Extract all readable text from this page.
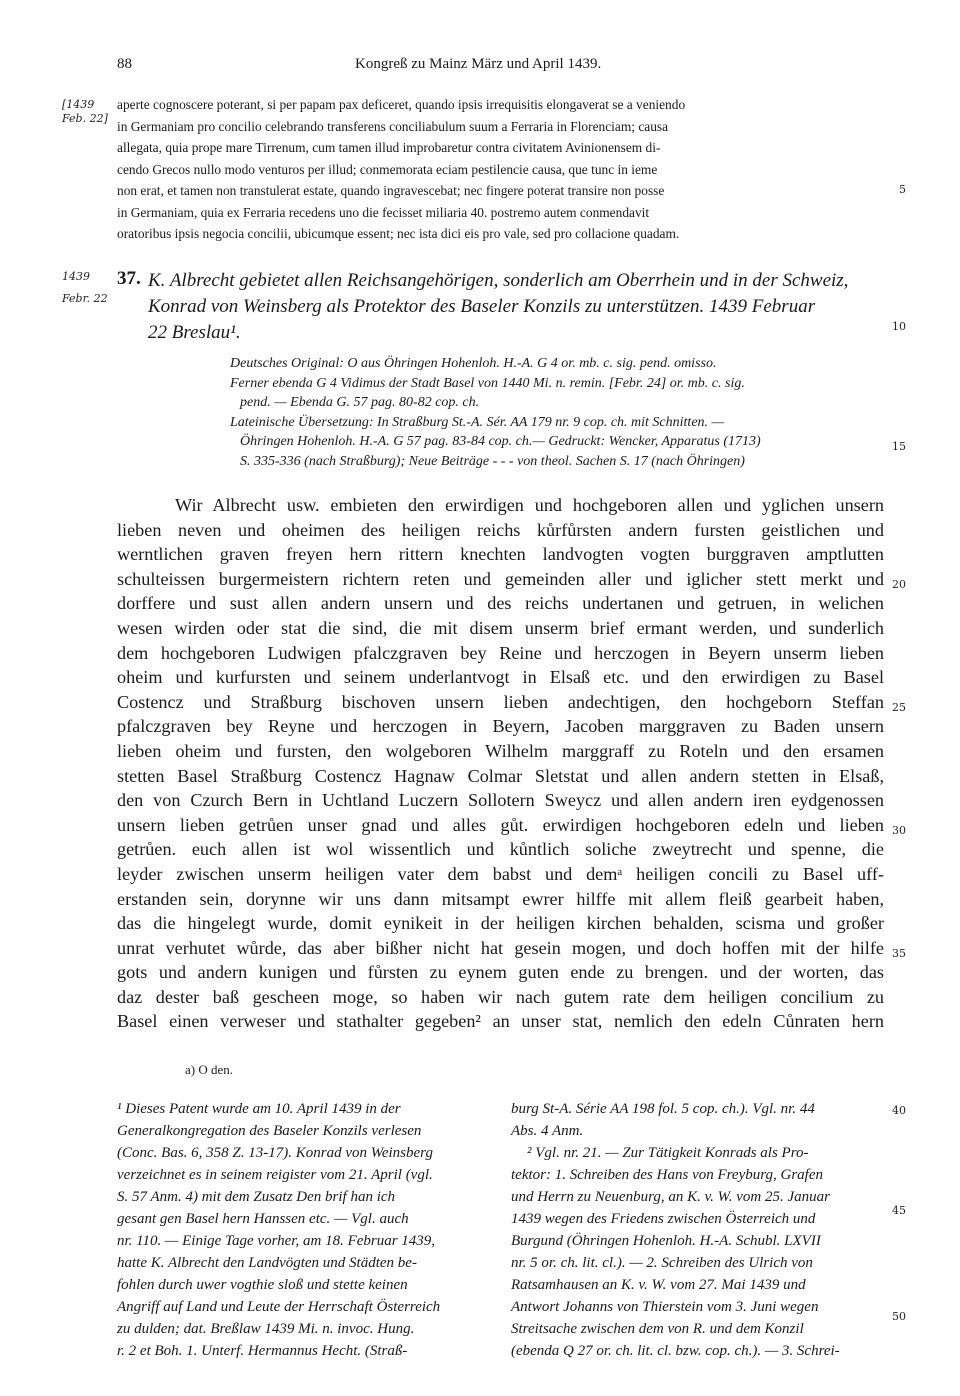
88	Kongreß zu Mainz März und April 1439.
[1439
Feb. 22]
1439
Febr. 22
5
10
15
20
25
30
35
40
45
50
aperte cognoscere poterant, si per papam pax deficeret, quando ipsis irrequisitis elongaverat se a veniendo
in Germaniam pro concilio celebrando transferens conciliabulum suum a Ferraria in Florenciam; causa
allegata, quia prope mare Tirrenum, cum tamen illud improbaretur contra civitatem Avinionensem di-
cendo Grecos nullo modo venturos per illud; conmemorata eciam pestilencie causa, que tunc in ieme
non erat, et tamen non transtulerat estate, quando ingravescebat; nec fingere poterat transire non posse
in Germaniam, quia ex Ferraria recedens uno die fecisset miliaria 40. postremo autem conmendavit
oratoribus ipsis negocia concilii, ubicumque essent; nec ista dici eis pro vale, sed pro collacione quadam.
37. K. Albrecht gebietet allen Reichsangehörigen, sonderlich am Oberrhein und in der Schweiz,
Konrad von Weinsberg als Protektor des Baseler Konzils zu unterstützen. 1439 Februar
22 Breslau¹.
Deutsches Original: O aus Öhringen Hohenloh. H.-A. G 4 or. mb. c. sig. pend. omisso.
Ferner ebenda G 4 Vidimus der Stadt Basel von 1440 Mi. n. remin. [Febr. 24] or. mb. c. sig.
pend. — Ebenda G. 57 pag. 80-82 cop. ch.
Lateinische Übersetzung: In Straßburg St.-A. Sér. AA 179 nr. 9 cop. ch. mit Schnitten. —
Öhringen Hohenloh. H.-A. G 57 pag. 83-84 cop. ch.— Gedruckt: Wencker, Apparatus (1713)
S. 335-336 (nach Straßburg); Neue Beiträge - - - von theol. Sachen S. 17 (nach Öhringen)
Wir Albrecht usw. embieten den erwirdigen und hochgeboren allen und yglichen unsern
lieben neven und oheimen des heiligen reichs kůrfůrsten andern fursten geistlichen und
werntlichen graven freyen hern rittern knechten landvogten vogten burggraven amptlutten
schulteissen burgermeistern richtern reten und gemeinden aller und iglicher stett merkt und
dorffere und sust allen andern unsern und des reichs undertanen und getruen, in welichen
wesen wirden oder stat die sind, die mit disem unserm brief ermant werden, und sunderlich
dem hochgeboren Ludwigen pfalczgraven bey Reine und herczogen in Beyern unserm lieben
oheim und kurfursten und seinem underlantvogt in Elsaß etc. und den erwirdigen zu Basel
Costencz und Straßburg bischoven unsern lieben andechtigen, den hochgeborn Steffan
pfalczgraven bey Reyne und herczogen in Beyern, Jacoben marggraven zu Baden unsern
lieben oheim und fursten, den wolgeboren Wilhelm marggraff zu Roteln und den ersamen
stetten Basel Straßburg Costencz Hagnaw Colmar Sletstat und allen andern stetten in Elsaß,
den von Czurch Bern in Uchtland Luczern Sollotern Sweycz und allen andern iren eydgenossen
unsern lieben getrůen unser gnad und alles gůt. erwirdigen hochgeboren edeln und lieben
getrůen. euch allen ist wol wissentlich und kůntlich soliche zweytrecht und spenne, die
leyder zwischen unserm heiligen vater dem babst und demᵃ heiligen concili zu Basel uff-
erstanden sein, dorynne wir uns dann mitsampt ewrer hilffe mit allem fleiß gearbeit haben,
das die hingelegt wurde, domit eynikeit in der heiligen kirchen behalden, scisma und großer
unrat verhutet wůrde, das aber bißher nicht hat gesein mogen, und doch hoffen mit der hilfe
gots und andern kunigen und fůrsten zu eynem guten ende zu brengen. und der worten, das
daz dester baß gescheen moge, so haben wir nach gutem rate dem heiligen concilium zu
Basel einen verweser und stathalter gegeben² an unser stat, nemlich den edeln Cůnraten hern
a) O den.
¹ Dieses Patent wurde am 10. April 1439 in der
Generalkongregation des Baseler Konzils verlesen
(Conc. Bas. 6, 358 Z. 13-17). Konrad von Weinsberg
verzeichnet es in seinem reigister vom 21. April (vgl.
S. 57 Anm. 4) mit dem Zusatz Den brif han ich
gesant gen Basel hern Hanssen etc. — Vgl. auch
nr. 110. — Einige Tage vorher, am 18. Februar 1439,
hatte K. Albrecht den Landvögten und Städten be-
fohlen durch uwer vogthie sloß und stette keinen
Angriff auf Land und Leute der Herrschaft Österreich
zu dulden; dat. Breßlaw 1439 Mi. n. invoc. Hung.
r. 2 et Boh. 1. Unterf. Hermannus Hecht. (Straß-
burg St-A. Série AA 198 fol. 5 cop. ch.). Vgl. nr. 44
Abs. 4 Anm.
² Vgl. nr. 21. — Zur Tätigkeit Konrads als Pro-
tektor: 1. Schreiben des Hans von Freyburg, Grafen
und Herrn zu Neuenburg, an K. v. W. vom 25. Januar
1439 wegen des Friedens zwischen Österreich und
Burgund (Öhringen Hohenloh. H.-A. Schubl. LXVII
nr. 5 or. ch. lit. cl.). — 2. Schreiben des Ulrich von
Ratsamhausen an K. v. W. vom 27. Mai 1439 und
Antwort Johanns von Thierstein vom 3. Juni wegen
Streitsache zwischen dem von R. und dem Konzil
(ebenda Q 27 or. ch. lit. cl. bzw. cop. ch.). — 3. Schrei-
